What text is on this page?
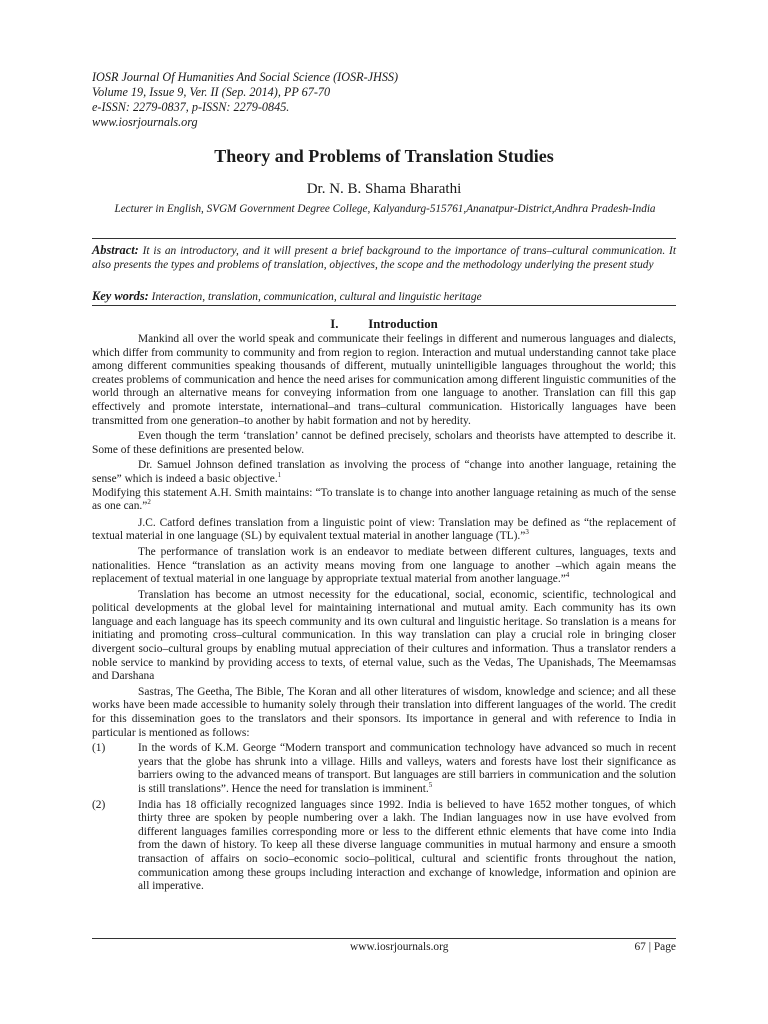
IOSR Journal Of Humanities And Social Science (IOSR-JHSS)
Volume 19, Issue 9, Ver. II (Sep. 2014), PP 67-70
e-ISSN: 2279-0837, p-ISSN: 2279-0845.
www.iosrjournals.org
Theory and Problems of Translation Studies
Dr. N. B. Shama Bharathi
Lecturer in English, SVGM Government Degree College, Kalyandurg-515761,Ananatpur-District,Andhra Pradesh-India
Abstract: It is an introductory, and it will present a brief background to the importance of trans–cultural communication. It also presents the types and problems of translation, objectives, the scope and the methodology underlying the present study
Key words: Interaction, translation, communication, cultural and linguistic heritage
I. Introduction

Mankind all over the world speak and communicate their feelings in different and numerous languages and dialects, which differ from community to community and from region to region. Interaction and mutual understanding cannot take place among different communities speaking thousands of different, mutually unintelligible languages throughout the world; this creates problems of communication and hence the need arises for communication among different linguistic communities of the world through an alternative means for conveying information from one language to another. Translation can fill this gap effectively and promote interstate, international–and trans–cultural communication. Historically languages have been transmitted from one generation–to another by habit formation and not by heredity.

Even though the term ‘translation’ cannot be defined precisely, scholars and theorists have attempted to describe it. Some of these definitions are presented below.

Dr. Samuel Johnson defined translation as involving the process of “change into another language, retaining the sense” which is indeed a basic objective.$^1$

Modifying this statement A.H. Smith maintains: “To translate is to change into another language retaining as much of the sense as one can.”$^2$

J.C. Catford defines translation from a linguistic point of view: Translation may be defined as “the replacement of textual material in one language (SL) by equivalent textual material in another language (TL).”$^3$

The performance of translation work is an endeavor to mediate between different cultures, languages, texts and nationalities. Hence “translation as an activity means moving from one language to another –which again means the replacement of textual material in one language by appropriate textual material from another language.”$^4$

Translation has become an utmost necessity for the educational, social, economic, scientific, technological and political developments at the global level for maintaining international and mutual amity. Each community has its own language and each language has its speech community and its own cultural and linguistic heritage. So translation is a means for initiating and promoting cross–cultural communication. In this way translation can play a crucial role in bringing closer divergent socio–cultural groups by enabling mutual appreciation of their cultures and information. Thus a translator renders a noble service to mankind by providing access to texts, of eternal value, such as the Vedas, The Upanishads, The Meemamsas and Darshana

Sastras, The Geetha, The Bible, The Koran and all other literatures of wisdom, knowledge and science; and all these works have been made accessible to humanity solely through their translation into different languages of the world. The credit for this dissemination goes to the translators and their sponsors. Its importance in general and with reference to India in particular is mentioned as follows:

(1)	In the words of K.M. George “Modern transport and communication technology have advanced so much in recent years that the globe has shrunk into a village. Hills and valleys, waters and forests have lost their significance as barriers owing to the advanced means of transport. But languages are still barriers in communication and the solution is still translations”. Hence the need for translation is imminent.$^5$
(2)	India has 18 officially recognized languages since 1992. India is believed to have 1652 mother tongues, of which thirty three are spoken by people numbering over a lakh. The Indian languages now in use have evolved from different languages families corresponding more or less to the different ethnic elements that have come into India from the dawn of history. To keep all these diverse language communities in mutual harmony and ensure a smooth transaction of affairs on socio–economic socio–political, cultural and scientific fronts throughout the nation, communication among these groups including interaction and exchange of knowledge, information and opinion are all imperative.
www.iosrjournals.org	67 | Page
